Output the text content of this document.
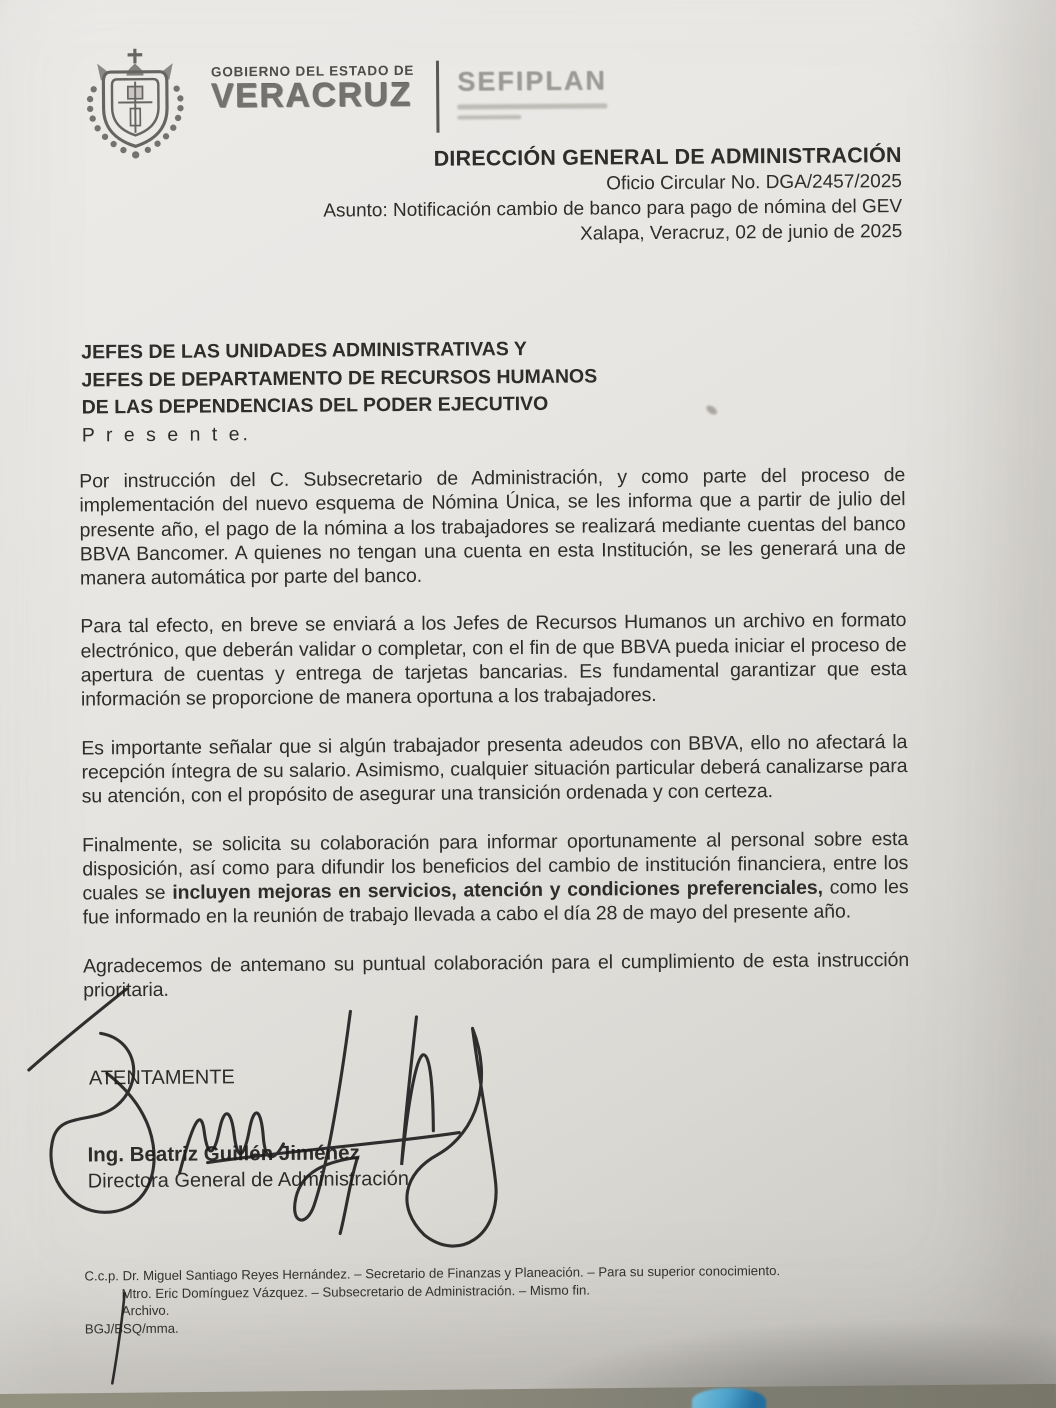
GOBIERNO DEL ESTADO DE
VERACRUZ SEFIPLAN
DIRECCIÓN GENERAL DE ADMINISTRACIÓN
Oficio Circular No. DGA/2457/2025
Asunto: Notificación cambio de banco para pago de nómina del GEV
Xalapa, Veracruz, 02 de junio de 2025
JEFES DE LAS UNIDADES ADMINISTRATIVAS Y
JEFES DE DEPARTAMENTO DE RECURSOS HUMANOS
DE LAS DEPENDENCIAS DEL PODER EJECUTIVO
P r e s e n t e.

Por instrucción del C. Subsecretario de Administración, y como parte del proceso de implementación del nuevo esquema de Nómina Única, se les informa que a partir de julio del presente año, el pago de la nómina a los trabajadores se realizará mediante cuentas del banco BBVA Bancomer. A quienes no tengan una cuenta en esta Institución, se les generará una de manera automática por parte del banco.

Para tal efecto, en breve se enviará a los Jefes de Recursos Humanos un archivo en formato electrónico, que deberán validar o completar, con el fin de que BBVA pueda iniciar el proceso de apertura de cuentas y entrega de tarjetas bancarias. Es fundamental garantizar que esta información se proporcione de manera oportuna a los trabajadores.

Es importante señalar que si algún trabajador presenta adeudos con BBVA, ello no afectará la recepción íntegra de su salario. Asimismo, cualquier situación particular deberá canalizarse para su atención, con el propósito de asegurar una transición ordenada y con certeza.

Finalmente, se solicita su colaboración para informar oportunamente al personal sobre esta disposición, así como para difundir los beneficios del cambio de institución financiera, entre los cuales se incluyen mejoras en servicios, atención y condiciones preferenciales, como les fue informado en la reunión de trabajo llevada a cabo el día 28 de mayo del presente año.

Agradecemos de antemano su puntual colaboración para el cumplimiento de esta instrucción prioritaria.

ATENTAMENTE
Ing. Beatriz Guillén Jiménez
Directora General de Administración
C.c.p. Dr. Miguel Santiago Reyes Hernández. – Secretario de Finanzas y Planeación. – Para su superior conocimiento.
Mtro. Eric Domínguez Vázquez. – Subsecretario de Administración. – Mismo fin.
Archivo.
BGJ/BSQ/mma.
